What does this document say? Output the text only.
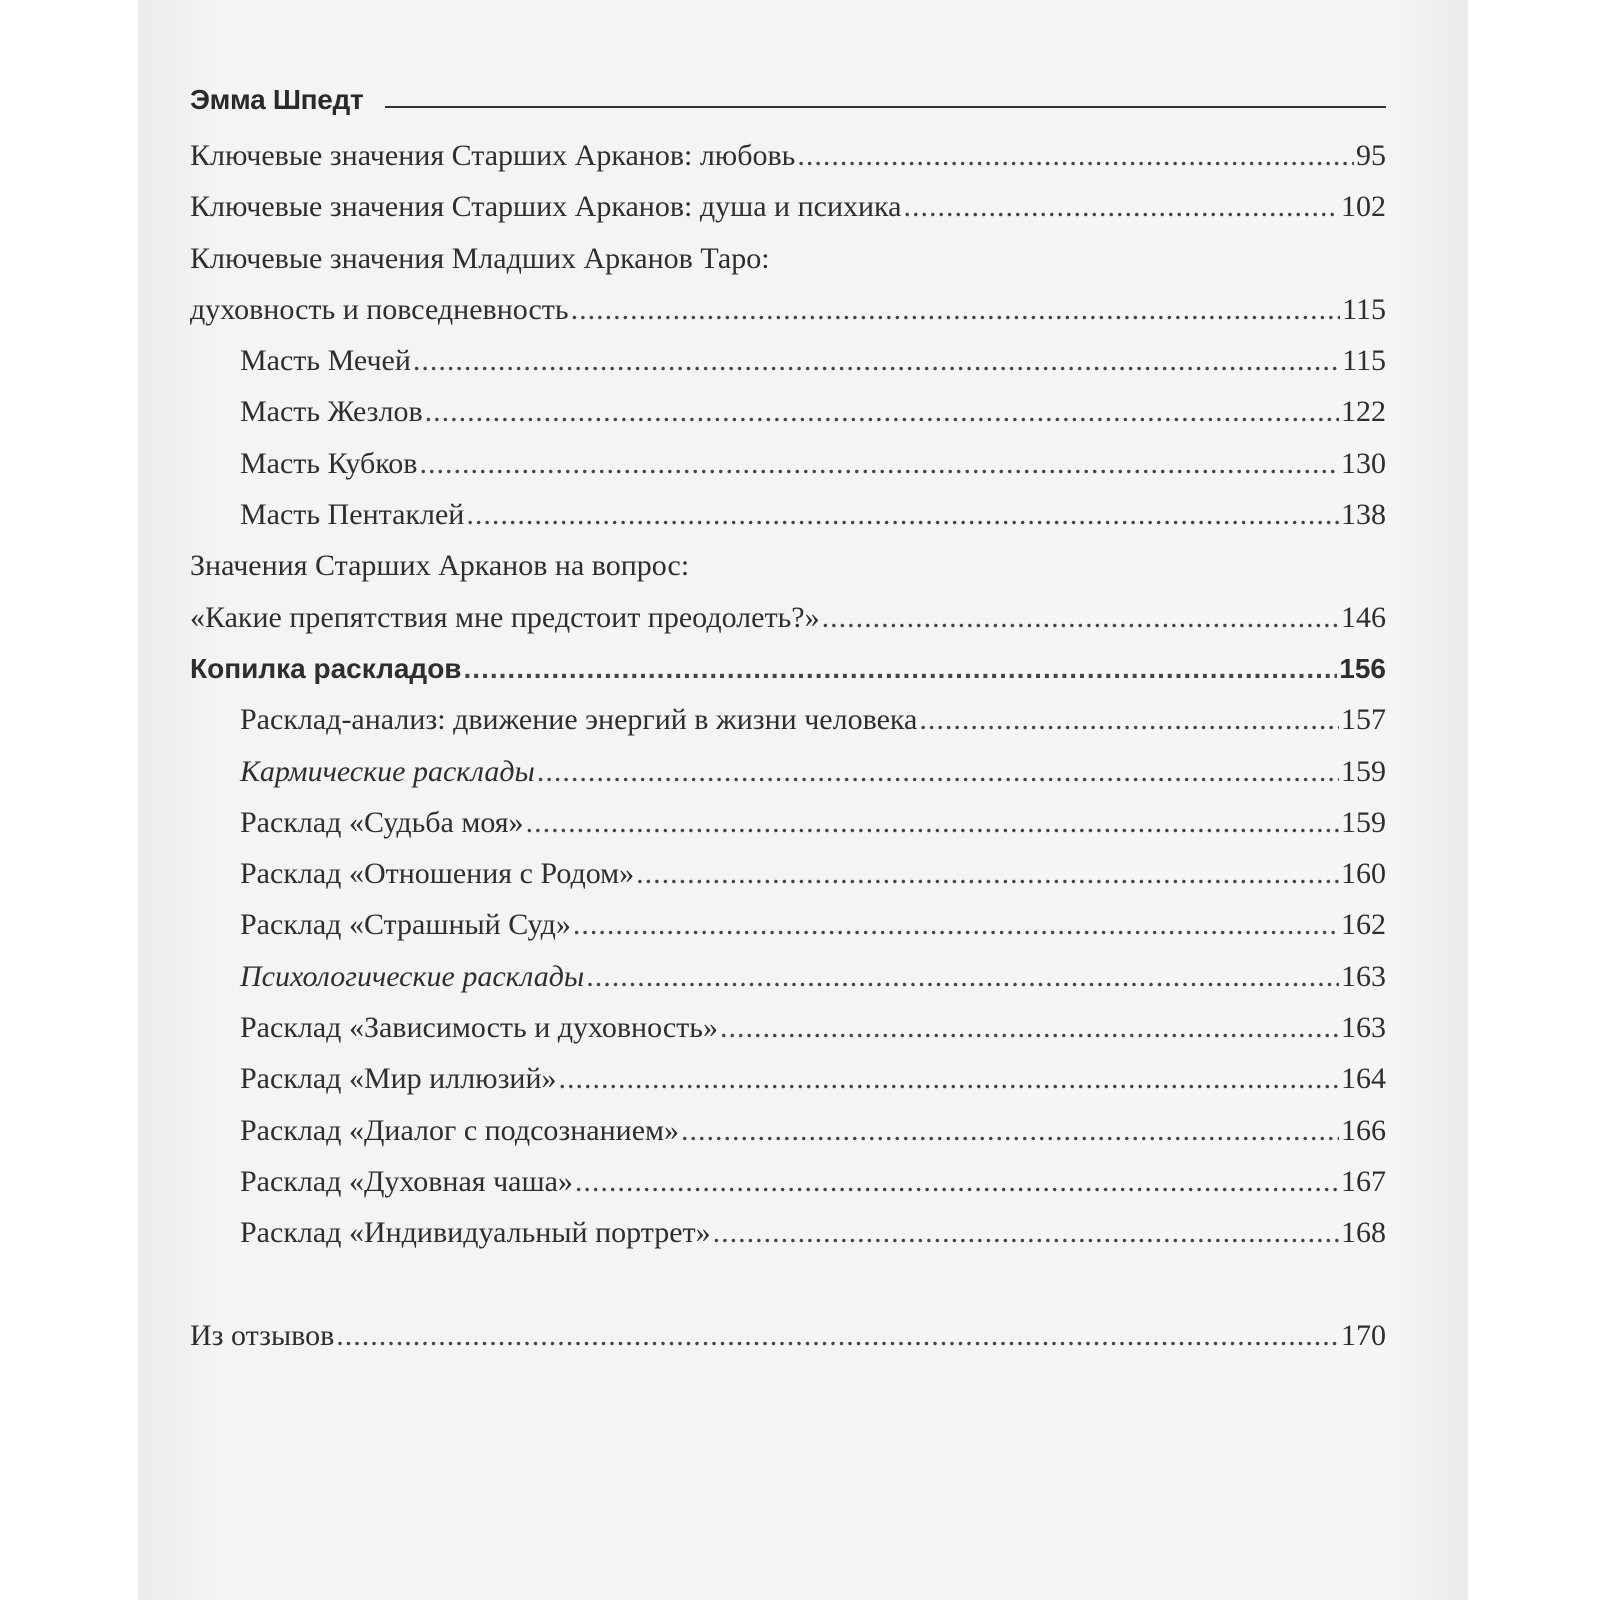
Эмма Шпедт
Ключевые значения Старших Арканов: любовь .....	95
Ключевые значения Старших Арканов: душа и психика .....	102
Ключевые значения Младших Арканов Таро:
духовность и повседневность .....	115
Масть Мечей .....	115
Масть Жезлов .....	122
Масть Кубков .....	130
Масть Пентаклей .....	138
Значения Старших Арканов на вопрос:
«Какие препятствия мне предстоит преодолеть?» .....	146
Копилка раскладов .....	156
Расклад-анализ: движение энергий в жизни человека .....	157
Кармические расклады .....	159
Расклад «Судьба моя» .....	159
Расклад «Отношения с Родом» .....	160
Расклад «Страшный Суд» .....	162
Психологические расклады .....	163
Расклад «Зависимость и духовность» .....	163
Расклад «Мир иллюзий» .....	164
Расклад «Диалог с подсознанием» .....	166
Расклад «Духовная чаша» .....	167
Расклад «Индивидуальный портрет» .....	168
Из отзывов .....	170
